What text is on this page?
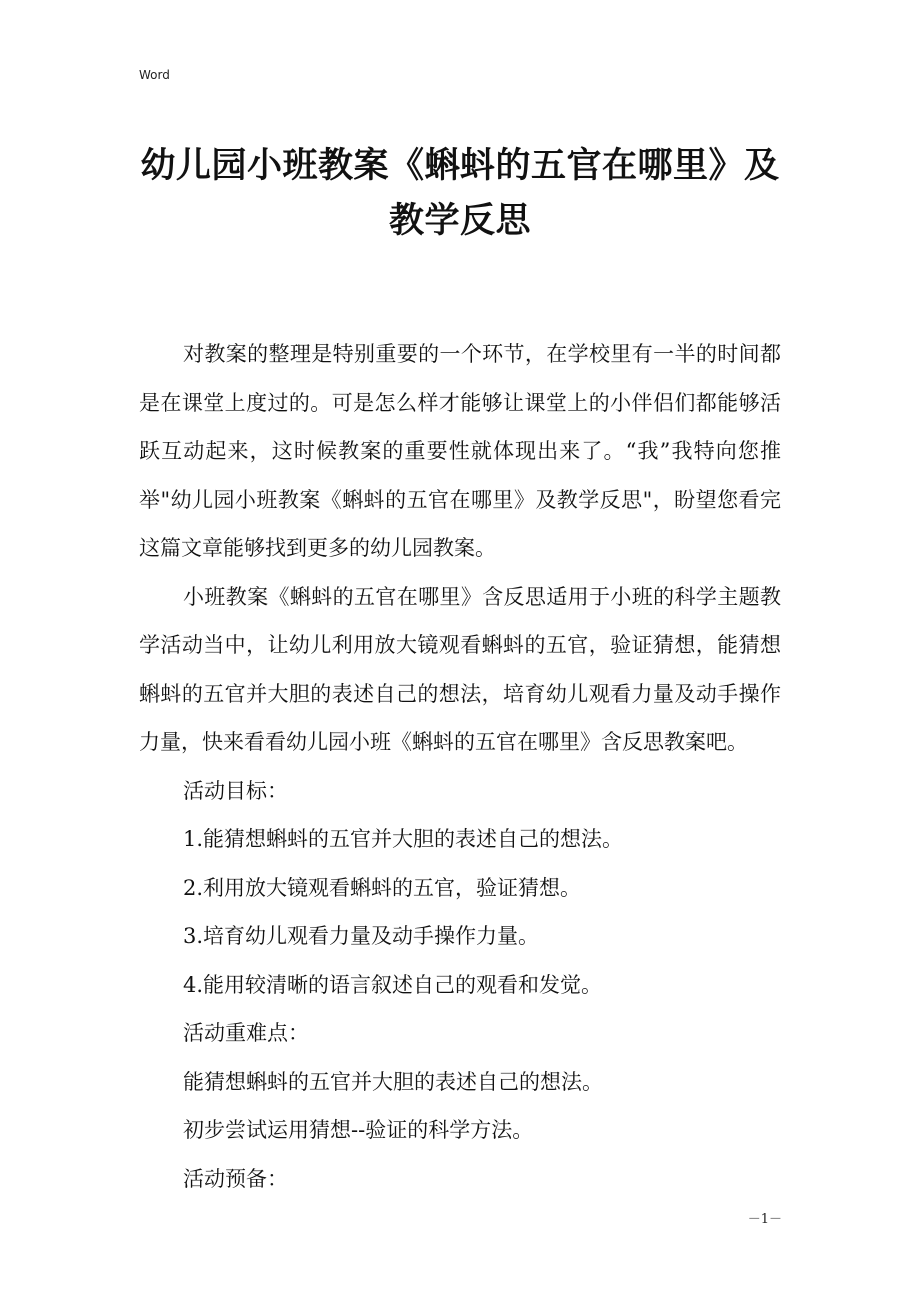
Word
幼儿园小班教案《蝌蚪的五官在哪里》及教学反思

对教案的整理是特别重要的一个环节，在学校里有一半的时间都是在课堂上度过的。可是怎么样才能够让课堂上的小伴侣们都能够活跃互动起来，这时候教案的重要性就体现出来了。“我”我特向您推举"幼儿园小班教案《蝌蚪的五官在哪里》及教学反思"，盼望您看完这篇文章能够找到更多的幼儿园教案。

小班教案《蝌蚪的五官在哪里》含反思适用于小班的科学主题教学活动当中，让幼儿利用放大镜观看蝌蚪的五官，验证猜想，能猜想蝌蚪的五官并大胆的表述自己的想法，培育幼儿观看力量及动手操作力量，快来看看幼儿园小班《蝌蚪的五官在哪里》含反思教案吧。

活动目标：

1.能猜想蝌蚪的五官并大胆的表述自己的想法。

2.利用放大镜观看蝌蚪的五官，验证猜想。

3.培育幼儿观看力量及动手操作力量。

4.能用较清晰的语言叙述自己的观看和发觉。

活动重难点：

能猜想蝌蚪的五官并大胆的表述自己的想法。

初步尝试运用猜想--验证的科学方法。

活动预备：

－1－
